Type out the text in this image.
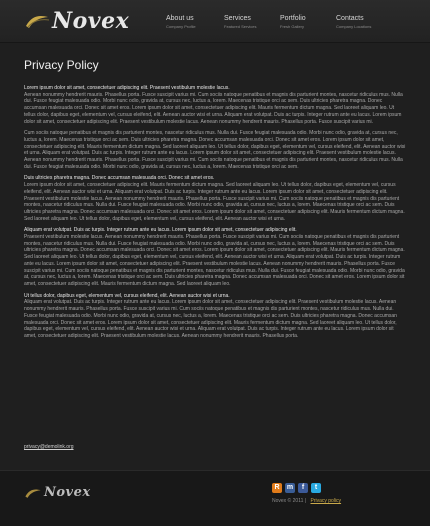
Novex	About us
Company Profile
Services
Featured Services
Portfolio
Fresh Gallery
Contacts
Company Locations
Privacy Policy

Lorem ipsum dolor sit amet, consectetuer adipiscing elit. Praesent vestibulum molestie lacus.
Aenean nonummy hendrerit mauris. Phasellus porta. Fusce suscipit varius mi. Cum sociis natoque penatibus et magnis dis parturient montes, nascetur ridiculus mus. Nulla dui. Fusce feugiat malesuada odio. Morbi nunc odio, gravida at, cursus nec, luctus a, lorem. Maecenas tristique orci ac sem. Duis ultricies pharetra magna. Donec accumsan malesuada orci. Donec sit amet eros. Lorem ipsum dolor sit amet, consectetuer adipiscing elit. Mauris fermentum dictum magna. Sed laoreet aliquam leo. Ut tellus dolor, dapibus eget, elementum vel, cursus eleifend, elit. Aenean auctor wisi et urna. Aliquam erat volutpat. Duis ac turpis. Integer rutrum ante eu lacus. Lorem ipsum dolor sit amet, consectetuer adipiscing elit. Praesent vestibulum molestie lacus. Aenean nonummy hendrerit mauris. Phasellus porta. Fusce suscipit varius mi.

Cum sociis natoque penatibus et magnis dis parturient montes, nascetur ridiculus mus. Nulla dui. Fusce feugiat malesuada odio. Morbi nunc odio, gravida at, cursus nec, luctus a, lorem. Maecenas tristique orci ac sem. Duis ultricies pharetra magna. Donec accumsan malesuada orci. Donec sit amet eros. Lorem ipsum dolor sit amet, consectetuer adipiscing elit. Mauris fermentum dictum magna. Sed laoreet aliquam leo. Ut tellus dolor, dapibus eget, elementum vel, cursus eleifend, elit. Aenean auctor wisi et urna. Aliquam erat volutpat. Duis ac turpis. Integer rutrum ante eu lacus. Lorem ipsum dolor sit amet, consectetuer adipiscing elit. Praesent vestibulum molestie lacus. Aenean nonummy hendrerit mauris. Phasellus porta. Fusce suscipit varius mi. Cum sociis natoque penatibus et magnis dis parturient montes, nascetur ridiculus mus. Nulla dui. Fusce feugiat malesuada odio. Morbi nunc odio, gravida at, cursus nec, luctus a, lorem. Maecenas tristique orci ac sem.

Duis ultricies pharetra magna. Donec accumsan malesuada orci. Donec sit amet eros.
Lorem ipsum dolor sit amet, consectetuer adipiscing elit. Mauris fermentum dictum magna. Sed laoreet aliquam leo. Ut tellus dolor, dapibus eget, elementum vel, cursus eleifend, elit. Aenean auctor wisi et urna. Aliquam erat volutpat. Duis ac turpis. Integer rutrum ante eu lacus. Lorem ipsum dolor sit amet, consectetuer adipiscing elit. Praesent vestibulum molestie lacus. Aenean nonummy hendrerit mauris. Phasellus porta. Fusce suscipit varius mi. Cum sociis natoque penatibus et magnis dis parturient montes, nascetur ridiculus mus. Nulla dui. Fusce feugiat malesuada odio. Morbi nunc odio, gravida at, cursus nec, luctus a, lorem. Maecenas tristique orci ac sem. Duis ultricies pharetra magna. Donec accumsan malesuada orci. Donec sit amet eros. Lorem ipsum dolor sit amet, consectetuer adipiscing elit. Mauris fermentum dictum magna. Sed laoreet aliquam leo. Ut tellus dolor, dapibus eget, elementum vel, cursus eleifend, elit. Aenean auctor wisi et urna.

Aliquam erat volutpat. Duis ac turpis. Integer rutrum ante eu lacus. Lorem ipsum dolor sit amet, consectetuer adipiscing elit.
Praesent vestibulum molestie lacus. Aenean nonummy hendrerit mauris. Phasellus porta. Fusce suscipit varius mi. Cum sociis natoque penatibus et magnis dis parturient montes, nascetur ridiculus mus. Nulla dui. Fusce feugiat malesuada odio. Morbi nunc odio, gravida at, cursus nec, luctus a, lorem. Maecenas tristique orci ac sem. Duis ultricies pharetra magna. Donec accumsan malesuada orci. Donec sit amet eros. Lorem ipsum dolor sit amet, consectetuer adipiscing elit. Mauris fermentum dictum magna. Sed laoreet aliquam leo. Ut tellus dolor, dapibus eget, elementum vel, cursus eleifend, elit. Aenean auctor wisi et urna. Aliquam erat volutpat. Duis ac turpis. Integer rutrum ante eu lacus. Lorem ipsum dolor sit amet, consectetuer adipiscing elit. Praesent vestibulum molestie lacus. Aenean nonummy hendrerit mauris. Phasellus porta. Fusce suscipit varius mi. Cum sociis natoque penatibus et magnis dis parturient montes, nascetur ridiculus mus. Nulla dui. Fusce feugiat malesuada odio. Morbi nunc odio, gravida at, cursus nec, luctus a, lorem. Maecenas tristique orci ac sem. Duis ultricies pharetra magna. Donec accumsan malesuada orci. Donec sit amet eros. Lorem ipsum dolor sit amet, consectetuer adipiscing elit. Mauris fermentum dictum magna. Sed laoreet aliquam leo.

Ut tellus dolor, dapibus eget, elementum vel, cursus eleifend, elit. Aenean auctor wisi et urna.
Aliquam erat volutpat. Duis ac turpis. Integer rutrum ante eu lacus. Lorem ipsum dolor sit amet, consectetuer adipiscing elit. Praesent vestibulum molestie lacus. Aenean nonummy hendrerit mauris. Phasellus porta. Fusce suscipit varius mi. Cum sociis natoque penatibus et magnis dis parturient montes, nascetur ridiculus mus. Nulla dui. Fusce feugiat malesuada odio. Morbi nunc odio, gravida at, cursus nec, luctus a, lorem. Maecenas tristique orci ac sem. Duis ultricies pharetra magna. Donec accumsan malesuada orci. Donec sit amet eros. Lorem ipsum dolor sit amet, consectetuer adipiscing elit. Mauris fermentum dictum magna. Sed laoreet aliquam leo. Ut tellus dolor, dapibus eget, elementum vel, cursus eleifend, elit. Aenean auctor wisi et urna. Aliquam erat volutpat. Duis ac turpis. Integer rutrum ante eu lacus. Lorem ipsum dolor sit amet, consectetuer adipiscing elit. Praesent vestibulum molestie lacus. Aenean nonummy hendrerit mauris. Phasellus porta.

privacy@demolink.org
Novex	R	m	f	t
Novex © 2011 | Privacy policy
